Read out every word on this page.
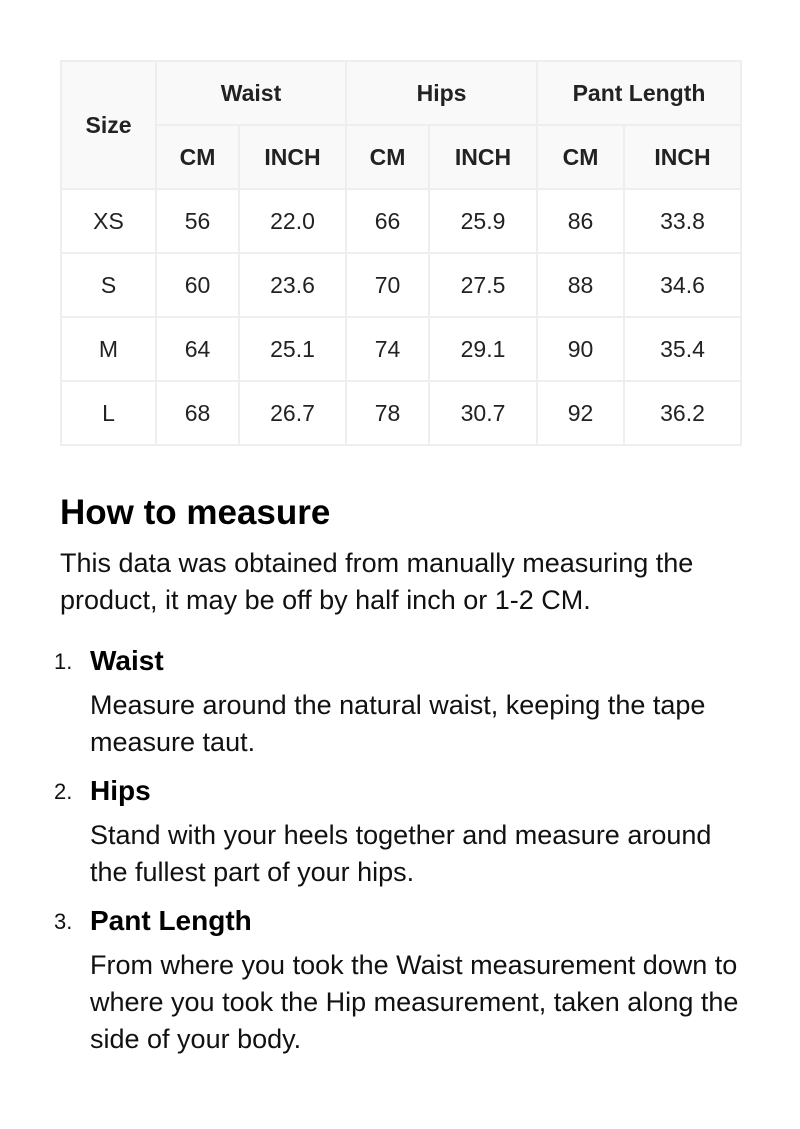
Size	Waist		Hips		Pant Length	
	CM	INCH	CM	INCH	CM	INCH
XS	56	22.0	66	25.9	86	33.8
S	60	23.6	70	27.5	88	34.6
M	64	25.1	74	29.1	90	35.4
L	68	26.7	78	30.7	92	36.2
How to measure

This data was obtained from manually measuring the product, it may be off by half inch or 1-2 CM.

1. Waist
Measure around the natural waist, keeping the tape measure taut.
2. Hips
Stand with your heels together and measure around the fullest part of your hips.
3. Pant Length
From where you took the Waist measurement down to where you took the Hip measurement, taken along the side of your body.
